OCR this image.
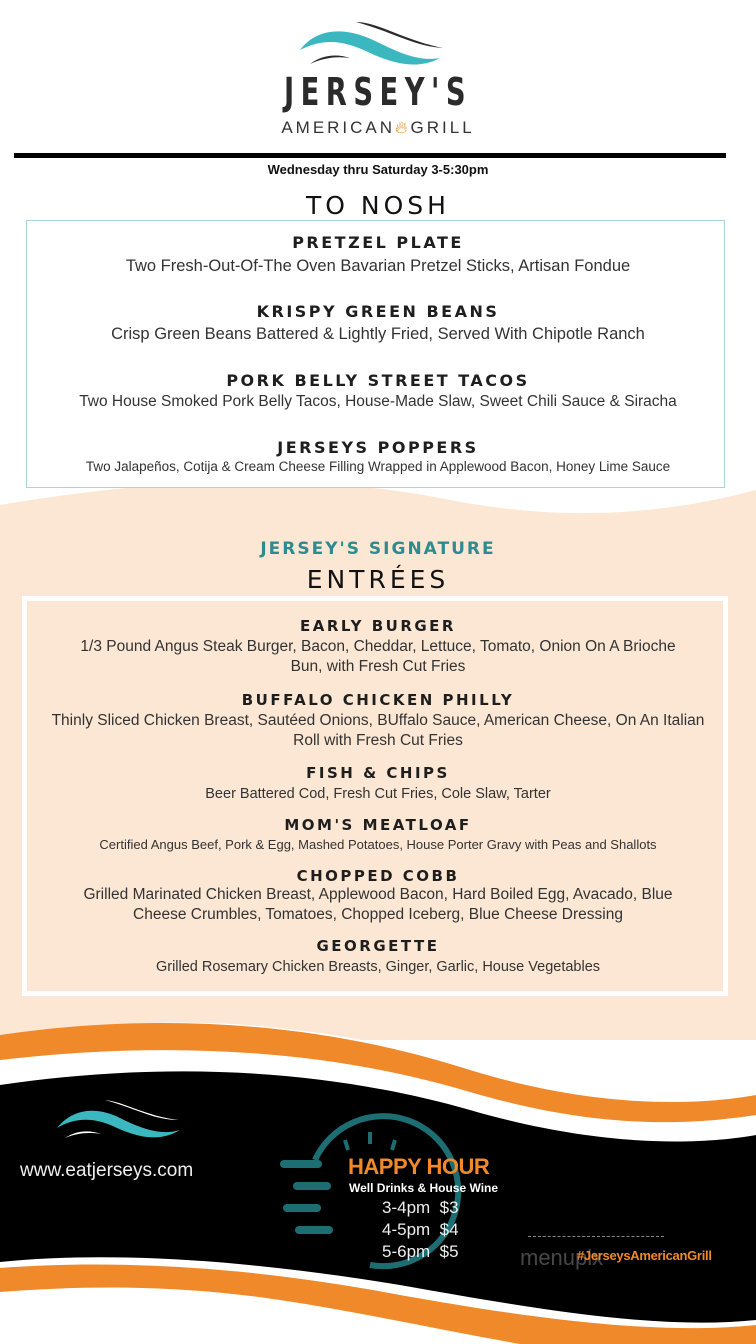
JERSEY'S
AMERICAN🔥︎GRILL
Wednesday thru Saturday 3-5:30pm
TO NOSH
PRETZEL PLATE
Two Fresh-Out-Of-The Oven Bavarian Pretzel Sticks, Artisan Fondue
KRISPY GREEN BEANS
Crisp Green Beans Battered & Lightly Fried, Served With Chipotle Ranch
PORK BELLY STREET TACOS
Two House Smoked Pork Belly Tacos, House-Made Slaw, Sweet Chili Sauce & Siracha
JERSEYS POPPERS
Two Jalapeños, Cotija & Cream Cheese Filling Wrapped in Applewood Bacon, Honey Lime Sauce
JERSEY'S SIGNATURE
ENTRÉES
EARLY BURGER
1/3 Pound Angus Steak Burger, Bacon, Cheddar, Lettuce, Tomato, Onion On A Brioche Bun, with Fresh Cut Fries
BUFFALO CHICKEN PHILLY
Thinly Sliced Chicken Breast, Sautéed Onions, BUffalo Sauce, American Cheese, On An Italian Roll with Fresh Cut Fries
FISH & CHIPS
Beer Battered Cod, Fresh Cut Fries, Cole Slaw, Tarter
MOM'S MEATLOAF
Certified Angus Beef, Pork & Egg, Mashed Potatoes, House Porter Gravy with Peas and Shallots
CHOPPED COBB
Grilled Marinated Chicken Breast, Applewood Bacon, Hard Boiled Egg, Avacado, Blue Cheese Crumbles, Tomatoes, Chopped Iceberg, Blue Cheese Dressing
GEORGETTE
Grilled Rosemary Chicken Breasts, Ginger, Garlic, House Vegetables
www.eatjerseys.com	HAPPY HOUR
Well Drinks & House Wine
3-4pm  $3
4-5pm  $4
5-6pm  $5	menupix
#JerseysAmericanGrill
